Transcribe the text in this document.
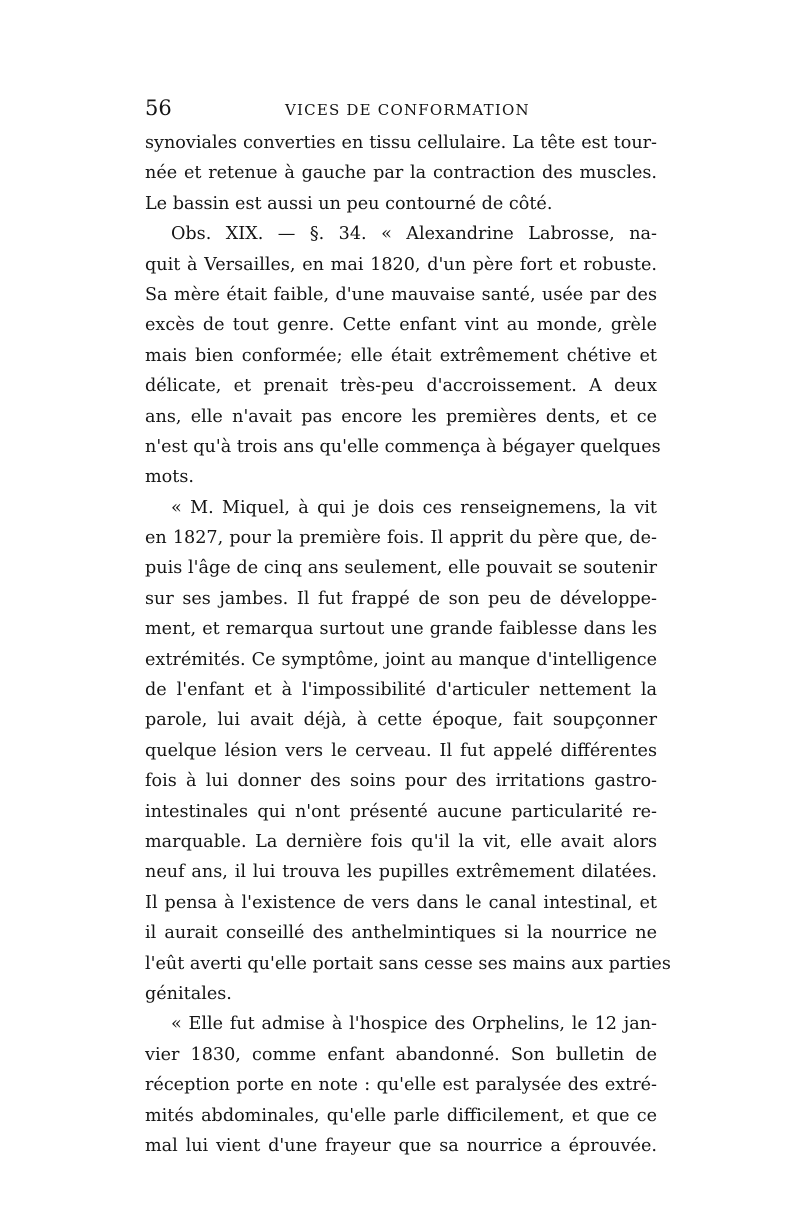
56	VICES DE CONFORMATION
synoviales converties en tissu cellulaire. La tête est tour-
née et retenue à gauche par la contraction des muscles.
Le bassin est aussi un peu contourné de côté.
Obs. XIX. — §. 34. « Alexandrine Labrosse, na-
quit à Versailles, en mai 1820, d'un père fort et robuste.
Sa mère était faible, d'une mauvaise santé, usée par des
excès de tout genre. Cette enfant vint au monde, grèle
mais bien conformée; elle était extrêmement chétive et
délicate, et prenait très-peu d'accroissement. A deux
ans, elle n'avait pas encore les premières dents, et ce
n'est qu'à trois ans qu'elle commença à bégayer quelques
mots.
« M. Miquel, à qui je dois ces renseignemens, la vit
en 1827, pour la première fois. Il apprit du père que, de-
puis l'âge de cinq ans seulement, elle pouvait se soutenir
sur ses jambes. Il fut frappé de son peu de développe-
ment, et remarqua surtout une grande faiblesse dans les
extrémités. Ce symptôme, joint au manque d'intelligence
de l'enfant et à l'impossibilité d'articuler nettement la
parole, lui avait déjà, à cette époque, fait soupçonner
quelque lésion vers le cerveau. Il fut appelé différentes
fois à lui donner des soins pour des irritations gastro-
intestinales qui n'ont présenté aucune particularité re-
marquable. La dernière fois qu'il la vit, elle avait alors
neuf ans, il lui trouva les pupilles extrêmement dilatées.
Il pensa à l'existence de vers dans le canal intestinal, et
il aurait conseillé des anthelmintiques si la nourrice ne
l'eût averti qu'elle portait sans cesse ses mains aux parties
génitales.
« Elle fut admise à l'hospice des Orphelins, le 12 jan-
vier 1830, comme enfant abandonné. Son bulletin de
réception porte en note : qu'elle est paralysée des extré-
mités abdominales, qu'elle parle difficilement, et que ce
mal lui vient d'une frayeur que sa nourrice a éprouvée.
